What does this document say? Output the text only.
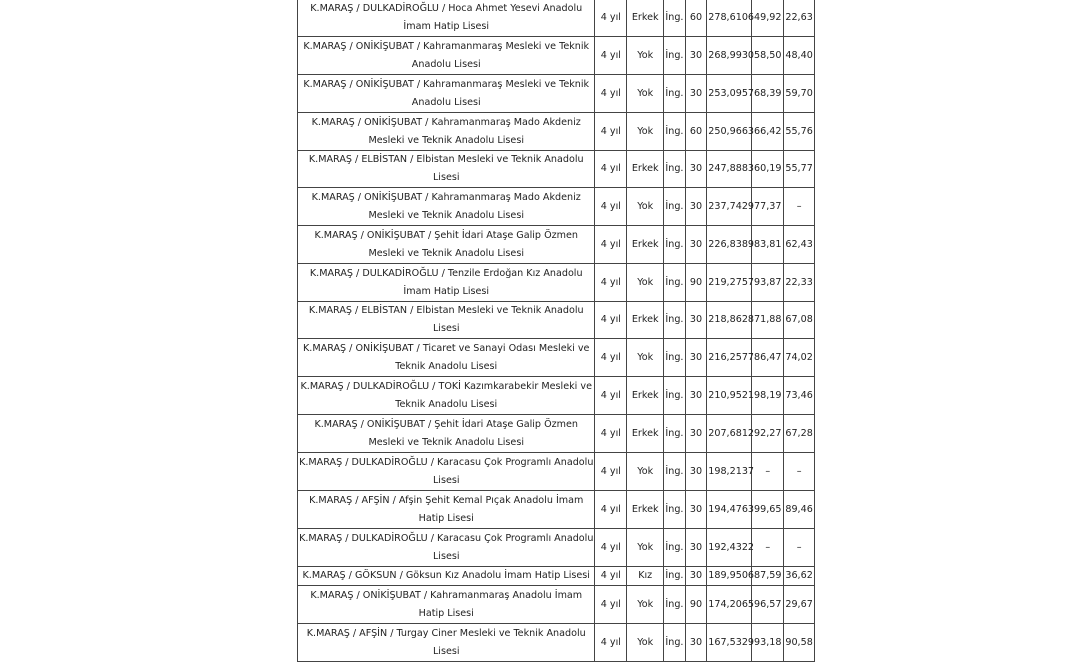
K.MARAŞ / DULKADİROĞLU / Hoca Ahmet Yesevi Anadolu İmam Hatip Lisesi	4 yıl	Erkek	İng.	60	278,6106	49,92	22,63
K.MARAŞ / ONİKİŞUBAT / Kahramanmaraş Mesleki ve Teknik Anadolu Lisesi	4 yıl	Yok	İng.	30	268,9930	58,50	48,40
K.MARAŞ / ONİKİŞUBAT / Kahramanmaraş Mesleki ve Teknik Anadolu Lisesi	4 yıl	Yok	İng.	30	253,0957	68,39	59,70
K.MARAŞ / ONİKİŞUBAT / Kahramanmaraş Mado Akdeniz Mesleki ve Teknik Anadolu Lisesi	4 yıl	Yok	İng.	60	250,9663	66,42	55,76
K.MARAŞ / ELBİSTAN / Elbistan Mesleki ve Teknik Anadolu Lisesi	4 yıl	Erkek	İng.	30	247,8883	60,19	55,77
K.MARAŞ / ONİKİŞUBAT / Kahramanmaraş Mado Akdeniz Mesleki ve Teknik Anadolu Lisesi	4 yıl	Yok	İng.	30	237,7429	77,37	–
K.MARAŞ / ONİKİŞUBAT / Şehit İdari Ataşe Galip Özmen Mesleki ve Teknik Anadolu Lisesi	4 yıl	Erkek	İng.	30	226,8389	83,81	62,43
K.MARAŞ / DULKADİROĞLU / Tenzile Erdoğan Kız Anadolu İmam Hatip Lisesi	4 yıl	Yok	İng.	90	219,2757	93,87	22,33
K.MARAŞ / ELBİSTAN / Elbistan Mesleki ve Teknik Anadolu Lisesi	4 yıl	Erkek	İng.	30	218,8628	71,88	67,08
K.MARAŞ / ONİKİŞUBAT / Ticaret ve Sanayi Odası Mesleki ve Teknik Anadolu Lisesi	4 yıl	Yok	İng.	30	216,2577	86,47	74,02
K.MARAŞ / DULKADİROĞLU / TOKİ Kazımkarabekir Mesleki ve Teknik Anadolu Lisesi	4 yıl	Erkek	İng.	30	210,9521	98,19	73,46
K.MARAŞ / ONİKİŞUBAT / Şehit İdari Ataşe Galip Özmen Mesleki ve Teknik Anadolu Lisesi	4 yıl	Erkek	İng.	30	207,6812	92,27	67,28
K.MARAŞ / DULKADİROĞLU / Karacasu Çok Programlı Anadolu Lisesi	4 yıl	Yok	İng.	30	198,2137	–	–
K.MARAŞ / AFŞİN / Afşin Şehit Kemal Pıçak Anadolu İmam Hatip Lisesi	4 yıl	Erkek	İng.	30	194,4763	99,65	89,46
K.MARAŞ / DULKADİROĞLU / Karacasu Çok Programlı Anadolu Lisesi	4 yıl	Yok	İng.	30	192,4322	–	–
K.MARAŞ / GÖKSUN / Göksun Kız Anadolu İmam Hatip Lisesi	4 yıl	Kız	İng.	30	189,9506	87,59	36,62
K.MARAŞ / ONİKİŞUBAT / Kahramanmaraş Anadolu İmam Hatip Lisesi	4 yıl	Yok	İng.	90	174,2065	96,57	29,67
K.MARAŞ / AFŞİN / Turgay Ciner Mesleki ve Teknik Anadolu Lisesi	4 yıl	Yok	İng.	30	167,5329	93,18	90,58
